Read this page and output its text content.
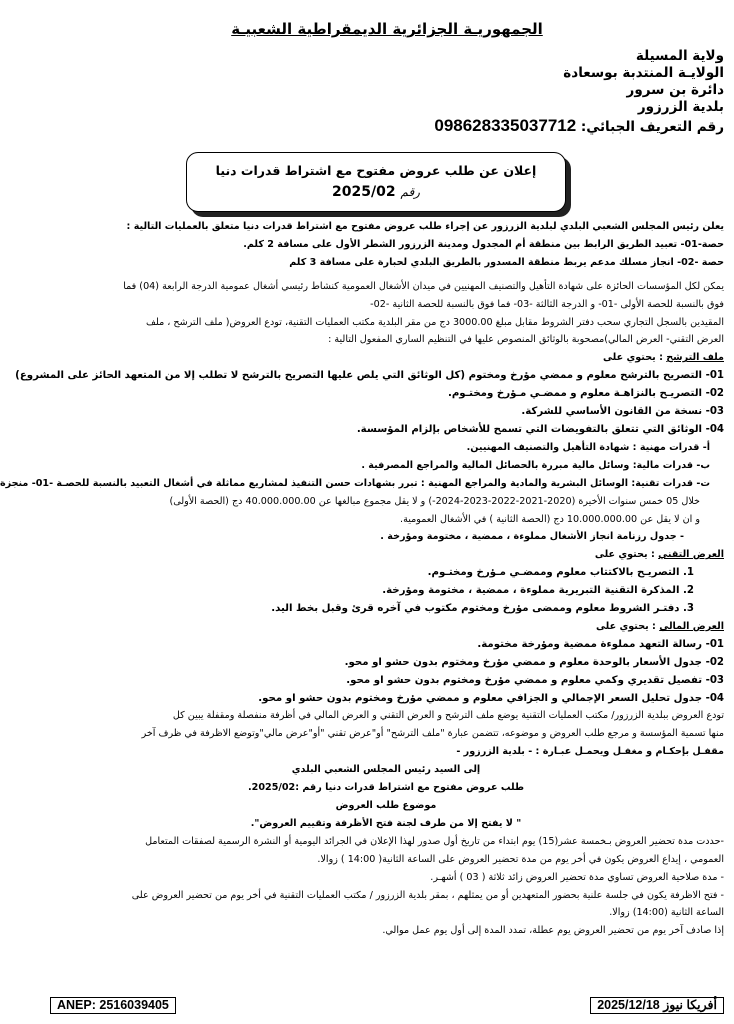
الجمهوريـة الجزائرية الديمقراطية الشعبيـة
ولاية المسيلة
الولايـة المنتدبة بوسعادة
دائرة بن سرور
بلدية الزرزور
رقم التعريف الجبائي: 098628335037712
إعلان عن طلب عروض مفتوح مع اشتراط قدرات دنيا
رقم 2025/02

يعلن رئيس المجلس الشعبي البلدي لبلدية الزرزور عن إجراء طلب عروض مفتوح مع اشتراط قدرات دنيا متعلق بالعمليات التالية :

حصة-01- تعبيد الطريق الرابط بين منطقة أم المجدول ومدينة الزرزور الشطر الأول على مسافة 2 كلم.

حصة -02- انجاز مسلك مدعم يربط منطقة المسدور بالطريق البلدي لحبارة على مسافة 3 كلم

يمكن لكل المؤسسات الحائزة على شهادة التأهيل والتصنيف المهنيين في ميدان الأشغال العمومية كنشاط رئيسي أشغال عمومية الدرجة الرابعة (04) فما

فوق بالنسبة للحصة الأولى -01- و الدرجة الثالثة -03- فما فوق بالنسبة للحصة الثانية -02-

المقيدين بالسجل التجاري سحب دفتر الشروط مقابل مبلغ 3000.00 دج من مقر البلدية مكتب العمليات التقنية، تودع العروض( ملف الترشح ، ملف

العرض التقني- العرض المالي)مصحوبة بالوثائق المنصوص عليها في التنظيم الساري المفعول التالية :

ملف الترشح : يحتوي على

01- التصريح بالترشح معلوم و ممضي مؤرخ ومختوم (كل الوثائق التي يلص عليها التصريح بالترشح لا تطلب إلا من المتعهد الحائز على المشروع)

02- التصريـح بالنزاهـة معلوم و ممضـي مـؤرخ ومختـوم.

03- نسخة من القانون الأساسي للشركة.

04- الوثائق التي تتعلق بالتفويضات التي تسمح للأشخاص بإلزام المؤسسة.

أ- قدرات مهنية : شهادة التأهيل والتصنيف المهنيين.

ب- قدرات مالية: وسائل مالية مبررة بالحصائل المالية والمراجع المصرفية .

ت- قدرات تقنية: الوسائل البشرية والمادية والمراجع المهنية : تبرر بشهادات حسن التنفيذ لمشاريع مماثلة في أشغال التعبيد بالنسبة للحصـة -01- منجزة

خلال 05 خمس سنوات الأخيرة (2020-2021-2022-2023-2024-) و لا يقل مجموع مبالغها عن 40.000.000.00 دج (الحصة الأولى)

و ان لا يقل عن 10.000.000.00 دج (الحصة الثانية ) في الأشغال العمومية.

- جدول رزنامة انجاز الأشغال مملوءة ، ممضية ، مختومة ومؤرخة .

العرض التقني : يحتوي على

1. التصريـح بالاكتتاب معلوم وممضـي مـؤرخ ومختـوم.

2. المذكرة التقنية التبريرية مملوءة ، ممضية ، مختومة ومؤرخة.

3. دفتـر الشروط معلوم وممضى مؤرخ ومختوم مكتوب في آخره قرئ وقبل بخط اليد.

العرض المالي : يحتوي على

01- رسالة التعهد مملوءة ممضية ومؤرخة مختومة.

02- جدول الأسعار بالوحدة معلوم و ممضي مؤرخ ومختوم بدون حشو او محو.

03- تفصيل تقديري وكمي معلوم و ممضي مؤرخ ومختوم بدون حشو او محو.

04- جدول تحليل السعر الإجمالي و الجزافي معلوم و ممضي مؤرخ ومختوم بدون حشو او محو.

تودع العروض ببلدية الزرزور/ مكتب العمليات التقنية يوضع ملف الترشح و العرض التقني و العرض المالي في أظرفة منفصلة ومقفلة يبين كل

منها تسمية المؤسسة و مرجع طلب العروض و موضوعه، تتضمن عبارة "ملف الترشح" أو"عرض تقني "أو"عرض مالي"وتوضع الاظرفة في ظرف آخر

مقفـل بإحكـام و مغفـل ويحمـل عبـارة : - بلدية الزرزور -

إلى السيد رئيس المجلس الشعبي البلدي

طلب عروض مفتوح مع اشتراط قدرات دنيا رقم :2025/02.

موضوع طلب العروض

" لا يفتح إلا من طرف لجنة فتح الأظرفة وتقييم العروض".

-حددت مدة تحضير العروض بـخمسة عشر(15) يوم ابتداء من تاريخ أول صدور لهذا الإعلان في الجرائد اليومية أو النشرة الرسمية لصفقات المتعامل

العمومي ، إيداع العروض يكون في أخر يوم من مدة تحضير العروض على الساعة الثانية( 14:00 ) زوالا.

- مدة صلاحية العروض تساوي مدة تحضير العروض زائد ثلاثة ( 03 ) أشهـر.

- فتح الاظرفة يكون في جلسة علنية بحضور المتعهدين أو من يمثلهم ، بمقر بلدية الزرزور / مكتب العمليات التقنية في أخر يوم من تحضير العروض على

الساعة الثانية (14:00) زوالا.

إذا صادف آخر يوم من تحضير العروض يوم عطلة، تمدد المدة إلى أول يوم عمل موالي.

ANEP: 2516039405	أفريكا نيوز 2025/12/18
